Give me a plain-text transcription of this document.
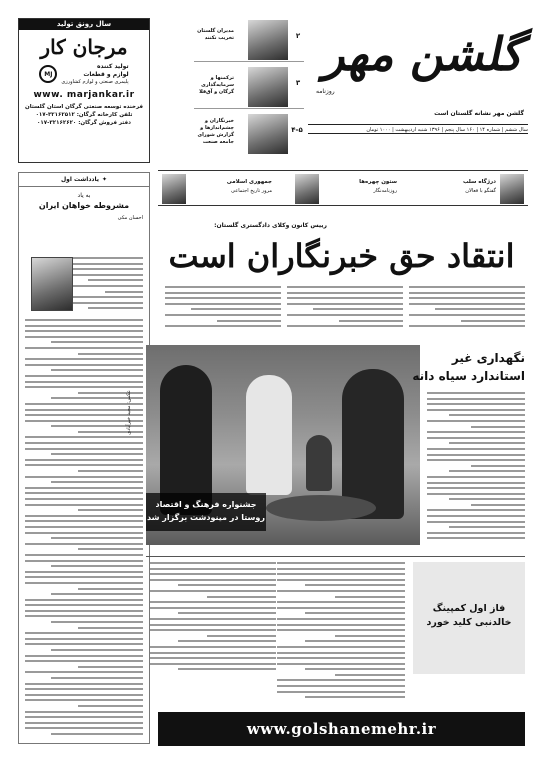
سال رونق تولید
مرجان کار
تولید کننده
لوازم و قطعات
پلیمری صنعتی و لوازم کشاورزی
MJ
www. marjankar.ir
فرخنده توسعه صنعتی گرگان استان گلستان
تلفن کارخانه گرگان: ۳۲۱۶۲۵۱۲-۰۱۷
دفتر فروش گرگان: ۳۲۱۶۲۶۲۰-۰۱۷
✦
یادداشت اول
به یاد
مشروطه خواهان ایران
احسان مکی
گلشن مهر
روزنامه
گلشن مهر نشانه گلستان است
سال ششم ‌‌‌‌‌‌‌| شماره ۱۴ | ۱۶۰ سال پنجم | ۱۳۹۶ شنبه اردیبهشت | ۱۰۰۰ تومان
۲
مدیران گلستان تخریب نکنند
۳
ترکمنها و سرمایه‌گذاری گرگان و آق‌قلا
۴-۵
خبرنگاران و چشم‌اندازها و گزارش شورای جامعه صنعت
درژگاه سلب
گفتگو با فعالان
ستون چهره‌ها
روزنامه‌نگار
جمهوری اسلامی
مرور تاریخ اجتماعی
رییس کانون وکلای دادگستری گلستان:
انتقاد حق خبرنگاران است
جشنواره فرهنگ و اقتصاد
روستا در مینودشت برگزار شد
عکس: مجید خیرآبادی
نگهداری غیر
استاندارد سیاه دانه
فاز اول کمپینگ
خالدنبی کلید خورد
www.golshanemehr.ir
